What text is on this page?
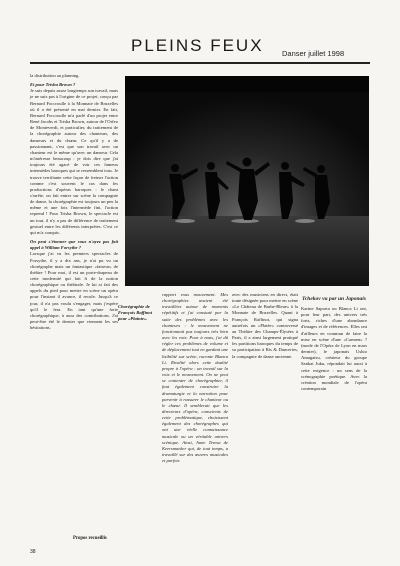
PLEINS FEUX Danser juillet 1998

la distribution au planning.

Et pour Trisha Brown ?

Je suis depuis assez longtemps son travail, mais je ne suis pas à l'origine de ce projet, conçu par Bernard Foccroulle à la Monnaie de Bruxelles où il a été présenté en mai dernier. En fait, Bernard Foccroulle m'a parlé d'un projet entre René Jacobs et Trisha Brown, autour de l'Orfeo de Monteverdi, et particulier, du traitement de la chorégraphie autour des chanteurs, des danseurs et du chœur. Ce qu'il y a de passionnant, c'est que son travail avec un chanteur est le même qu'avec un danseur. Cela m'intéresse beaucoup : je dois dire que j'ai toujours été agacé de voir ces fameux intermèdes baroques qui se ressemblent tous. Je trouve terrifiante cette façon de freiner l'action comme c'est souvent le cas dans les productions d'opéras baroques : le chant s'arrête, on fait entrer sur scène la compagnie de danse, la chorégraphie est toujours un peu la même et une fois l'intermède fini, l'action reprend ! Pour Trisha Brown, le spectacle est un tout, il n'y a pas de différence de traitement gestuel entre les différents interprètes. C'est ce qui m'a conquis.

On peut s'étonner que vous n'ayez pas fait appel à William Forsythe ?

Lorsque j'ai vu les premiers spectacles de Forsythe, il y a dix ans, je n'ai pu vu un chorégraphe mais un fantastique «faiseur» de théâtre ! Pour moi, il est un porte-drapeau de cette modernité qui fait fi de la notion chorégraphique ou théâtrale. Je lui ai fait des appels du pied pour mettre en scène un opéra pour l'instant il avance, il recule. Jusqu'à ce jour, il n'a pas voulu s'engager, mais j'espère qu'il le fera. En tant qu'une forte chorégraphique, à aura des contributions. J'ai peut-être été le dernier que viennent les ses hésitations.

Propos recueillis
Chorégraphie de François Raffinot pour «Plainte».
rapport vous mouvement. Mes chorégraphies avaient été travaillées autour de moments répétitifs et j'ai constaté par la suite des problèmes avec les chanteurs : le mouvement ne fonctionnait pas toujours très bien avec les voix. Pour à nous, j'ai dû régler ces problèmes de volume et de déplacement tout en gardant une lisibilité sur scène, raconte Blanca Li. Rivalité alors cette dualité propre à l'opéra : un travail sur la voix et le mouvement. On ne peut se contenter de chorégraphier, il faut également construire la dramaturgie et la narration pour parvenir à rassurer le chanteur ou le chœur. Il semblerait que les directeurs d'opéra, conscients de cette problématique, choisissent également des chorégraphes qui ont une réelle connaissance musicale ou un véritable univers scénique. Ainsi, Anne Teresa de Keersmaeker qui, de tout temps, a travaillé sur des œuvres musicales et parfois

avec des musiciens en direct, était toute désignée pour mettre en scène «Le Château de Barbe-Bleue» à la Monnaie de Bruxelles. Quant à François Raffinot, qui signa autrefois un «Platée» controversé au Théâtre des Champs-Élysées à Paris, il a ainsi largement pratiqué les partitions baroques du temps de sa participation à Ris & Danceries, la compagnie de danse ancienne.

Tchekov vu par un Japonais

Karine Saporta ou Blanca Li ont, pour leur part, des univers très forts, riches d'une abondance d'images et de références. Elles ont d'ailleurs en commun de faire la mise en scène d'une «Carmen» ? (mode de l'Opéra de Lyon en mars dernier), le japonais Ushio Amagatsu, créateur du groupe Sankai Juku, répondait lui aussi à cette exigence : un sens de la scénographie poétique. Avec la création mondiale de l'opéra contemporain

38
